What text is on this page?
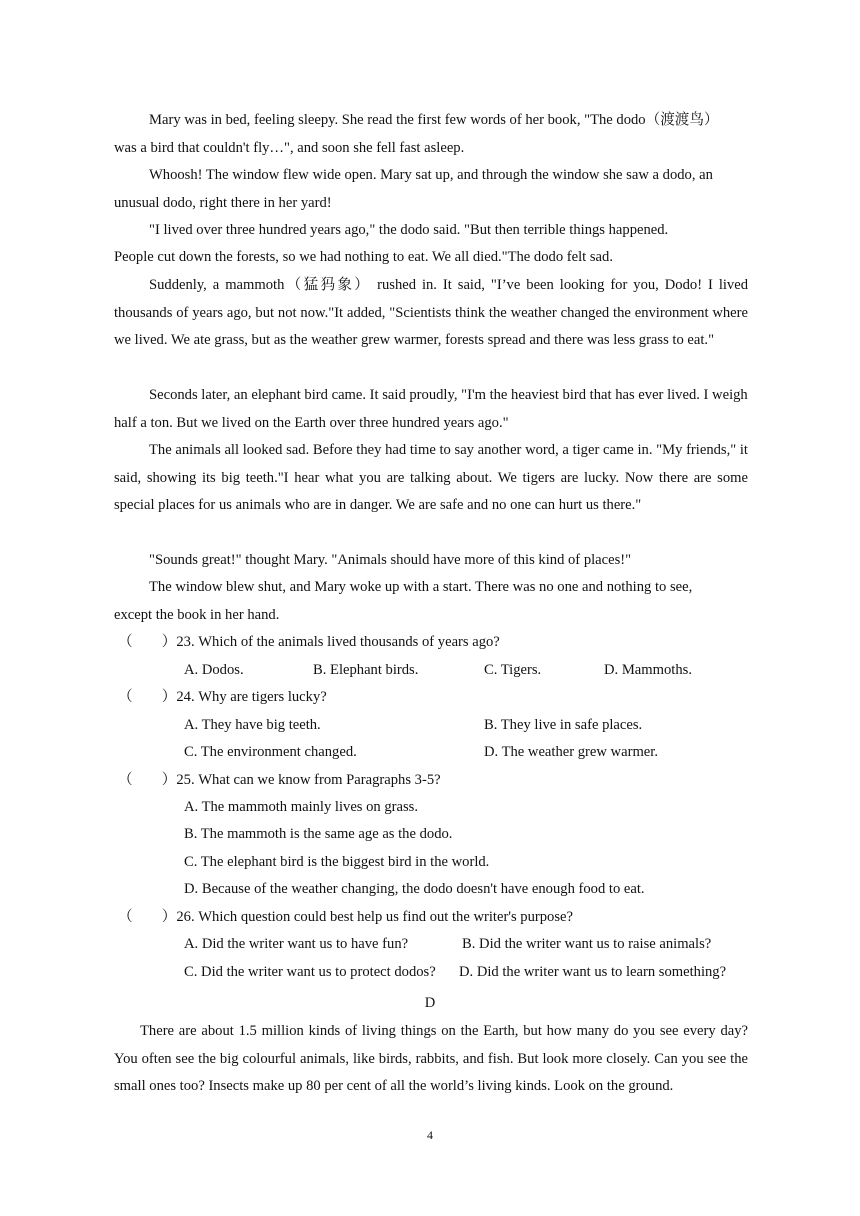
Mary was in bed, feeling sleepy. She read the first few words of her book, "The dodo（渡渡鸟）
was a bird that couldn't fly…", and soon she fell fast asleep.

Whoosh! The window flew wide open. Mary sat up, and through the window she saw a dodo, an unusual dodo, right there in her yard!

"I lived over three hundred years ago," the dodo said. "But then terrible things happened.
People cut down the forests, so we had nothing to eat. We all died."The dodo felt sad.

Suddenly, a mammoth（猛犸象） rushed in. It said, "I’ve been looking for you, Dodo! I lived thousands of years ago, but not now."It added, "Scientists think the weather changed the environment where we lived. We ate grass, but as the weather grew warmer, forests spread and there was less grass to eat."

Seconds later, an elephant bird came. It said proudly, "I'm the heaviest bird that has ever lived. I weigh half a ton. But we lived on the Earth over three hundred years ago."

The animals all looked sad. Before they had time to say another word, a tiger came in. "My friends," it said, showing its big teeth."I hear what you are talking about. We tigers are lucky. Now there are some special places for us animals who are in danger. We are safe and no one can hurt us there."

"Sounds great!" thought Mary. "Animals should have more of this kind of places!"

The window blew shut, and Mary woke up with a start. There was no one and nothing to see,
except the book in her hand.
（　　）23. Which of the animals lived thousands of years ago?
A. Dodos.	B. Elephant birds.	C. Tigers.	D. Mammoths.
（　　）24. Why are tigers lucky?
A. They have big teeth.	B. They live in safe places.
C. The environment changed.	D. The weather grew warmer.
（　　）25. What can we know from Paragraphs 3-5?
A. The mammoth mainly lives on grass.
B. The mammoth is the same age as the dodo.
C. The elephant bird is the biggest bird in the world.
D. Because of the weather changing, the dodo doesn't have enough food to eat.
（　　）26. Which question could best help us find out the writer's purpose?
A. Did the writer want us to have fun?	B. Did the writer want us to raise animals?
C. Did the writer want us to protect dodos? D. Did the writer want us to learn something?
D

There are about 1.5 million kinds of living things on the Earth, but how many do you see every day? You often see the big colourful animals, like birds, rabbits, and fish. But look more closely. Can you see the small ones too? Insects make up 80 per cent of all the world’s living kinds. Look on the ground.

4
